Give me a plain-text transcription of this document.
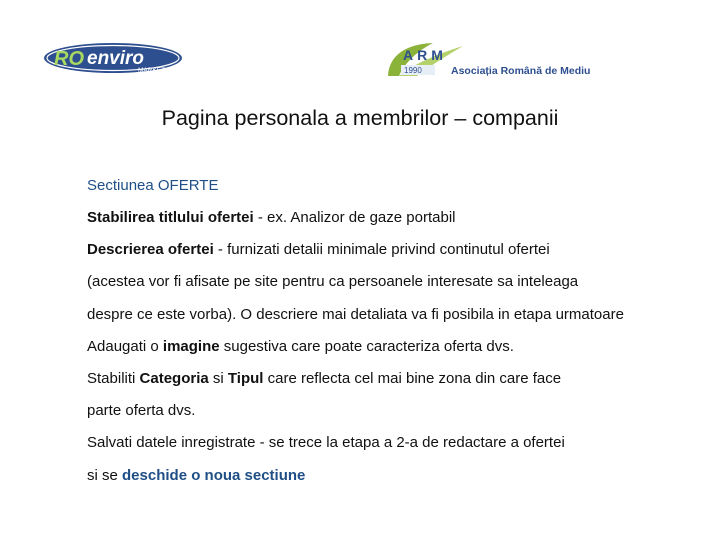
RO enviro
MARKET
ARM
1990	Asociația Română de Mediu
Pagina personala a membrilor – companii
Sectiunea OFERTE
Stabilirea titlului ofertei - ex. Analizor de gaze portabil
Descrierea ofertei - furnizati detalii minimale privind continutul ofertei
(acestea vor fi afisate pe site pentru ca persoanele interesate sa inteleaga
despre ce este vorba). O descriere mai detaliata va fi posibila in etapa urmatoare
Adaugati o imagine sugestiva care poate caracteriza oferta dvs.
Stabiliti Categoria si Tipul care reflecta cel mai bine zona din care face
parte oferta dvs.
Salvati datele inregistrate - se trece la etapa a 2-a de redactare a ofertei
si se deschide o noua sectiune
